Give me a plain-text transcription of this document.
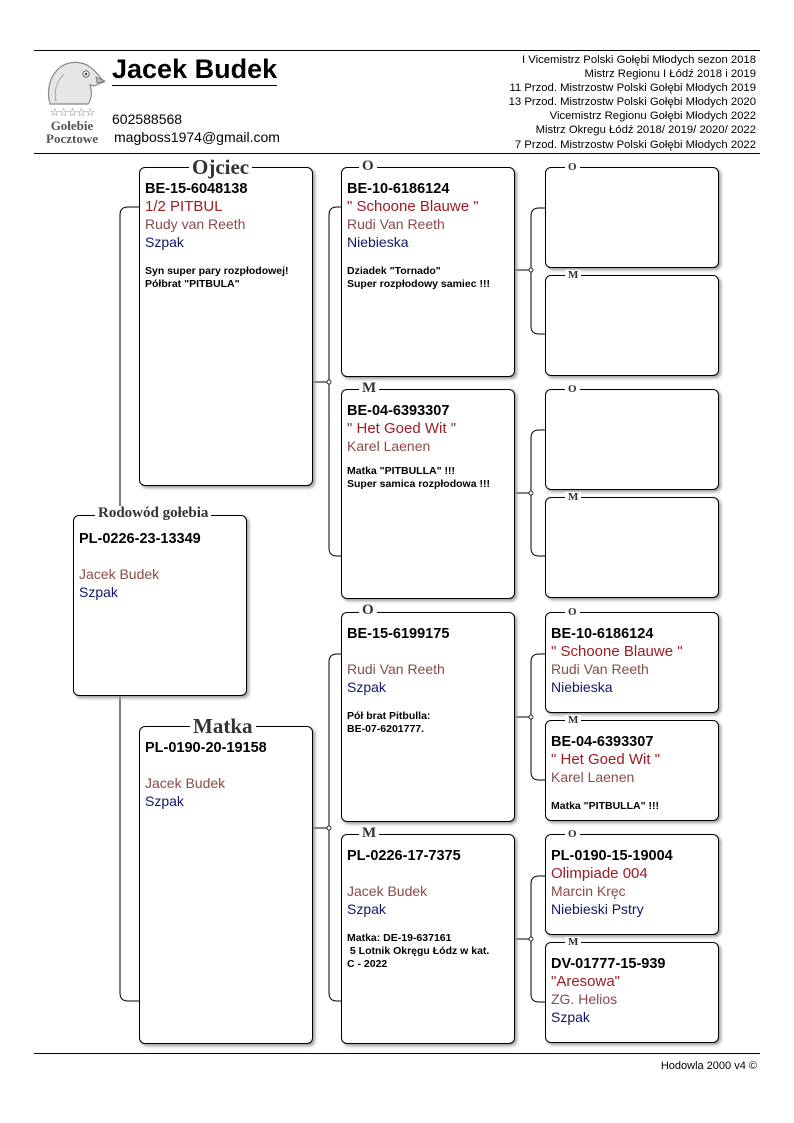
☆☆☆☆☆
Gołebie
Pocztowe
Jacek Budek
602588568
magboss1974@gmail.com
I Vicemistrz Polski Gołębi Młodych sezon 2018
Mistrz Regionu I Łódź 2018 i 2019
11 Przod. Mistrzostw Polski Gołębi Młodych 2019
13 Przod. Mistrzostw Polski Gołębi Młodych 2020
Vicemistrz Regionu Gołębi Młodych 2022
Mistrz Okregu Łódź 2018/ 2019/ 2020/ 2022
7 Przod. Mistrzostw Polski Gołębi Młodych 2022
PL-0226-23-13349
Jacek Budek
Szpak
Rodowód gołebia
BE-15-6048138
1/2 PITBUL
Rudy van Reeth
Szpak
Syn super pary rozpłodowej!
Półbrat "PITBULA"
Ojciec
PL-0190-20-19158
Jacek Budek
Szpak
Matka
BE-10-6186124
" Schoone Blauwe "
Rudi Van Reeth
Niebieska
Dziadek "Tornado"
Super rozpłodowy samiec !!!
O
BE-04-6393307
" Het Goed Wit "
Karel Laenen
Matka "PITBULLA" !!!
Super samica rozpłodowa !!!
M
BE-15-6199175
Rudi Van Reeth
Szpak
Pół brat Pitbulla:
BE-07-6201777.
O
PL-0226-17-7375
Jacek Budek
Szpak
Matka: DE-19-637161
5 Lotnik Okręgu Łódz w kat.
C - 2022
M
O
M
O
M
BE-10-6186124
" Schoone Blauwe "
Rudi Van Reeth
Niebieska
O
BE-04-6393307
" Het Goed Wit "
Karel Laenen
Matka "PITBULLA" !!!
M
PL-0190-15-19004
Olimpiade 004
Marcin Kręc
Niebieski Pstry
O
DV-01777-15-939
"Aresowa"
ZG. Helios
Szpak
M
Hodowla 2000 v4 ©
